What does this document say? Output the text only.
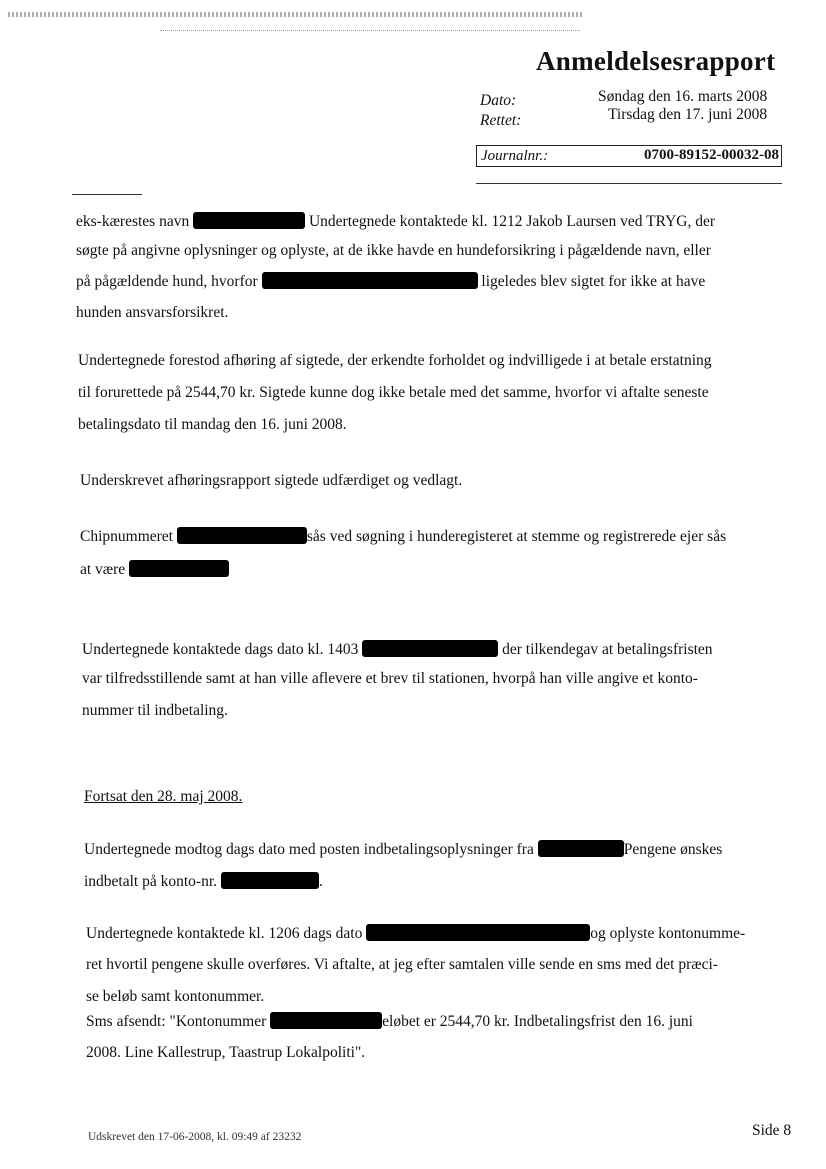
Anmeldelsesrapport
Dato:	Søndag den 16. marts 2008
Rettet:	Tirsdag den 17. juni 2008
Journalnr.:	0700-89152-00032-08
eks-kærestes navn	Undertegnede kontaktede kl. 1212 Jakob Laursen ved TRYG, der
søgte på angivne oplysninger og oplyste, at de ikke havde en hundeforsikring i pågældende navn, eller
på pågældende hund, hvorfor	ligeledes blev sigtet for ikke at have
hunden ansvarsforsikret.
Undertegnede forestod afhøring af sigtede, der erkendte forholdet og indvilligede i at betale erstatning
til forurettede på 2544,70 kr. Sigtede kunne dog ikke betale med det samme, hvorfor vi aftalte seneste
betalingsdato til mandag den 16. juni 2008.
Underskrevet afhøringsrapport sigtede udfærdiget og vedlagt.
Chipnummeret	sås ved søgning i hunderegisteret at stemme og registrerede ejer sås
at være
Undertegnede kontaktede dags dato kl. 1403	der tilkendegav at betalingsfristen
var tilfredsstillende samt at han ville aflevere et brev til stationen, hvorpå han ville angive et konto-
nummer til indbetaling.
Fortsat den 28. maj 2008.
Undertegnede modtog dags dato med posten indbetalingsoplysninger fra	Pengene ønskes
indbetalt på konto-nr.	.
Undertegnede kontaktede kl. 1206 dags dato	og oplyste kontonumme-
ret hvortil pengene skulle overføres. Vi aftalte, at jeg efter samtalen ville sende en sms med det præci-
se beløb samt kontonummer.
Sms afsendt: "Kontonummer	eløbet er 2544,70 kr. Indbetalingsfrist den 16. juni
2008. Line Kallestrup, Taastrup Lokalpoliti".
Side 8
Udskrevet den 17-06-2008, kl. 09:49 af 23232
